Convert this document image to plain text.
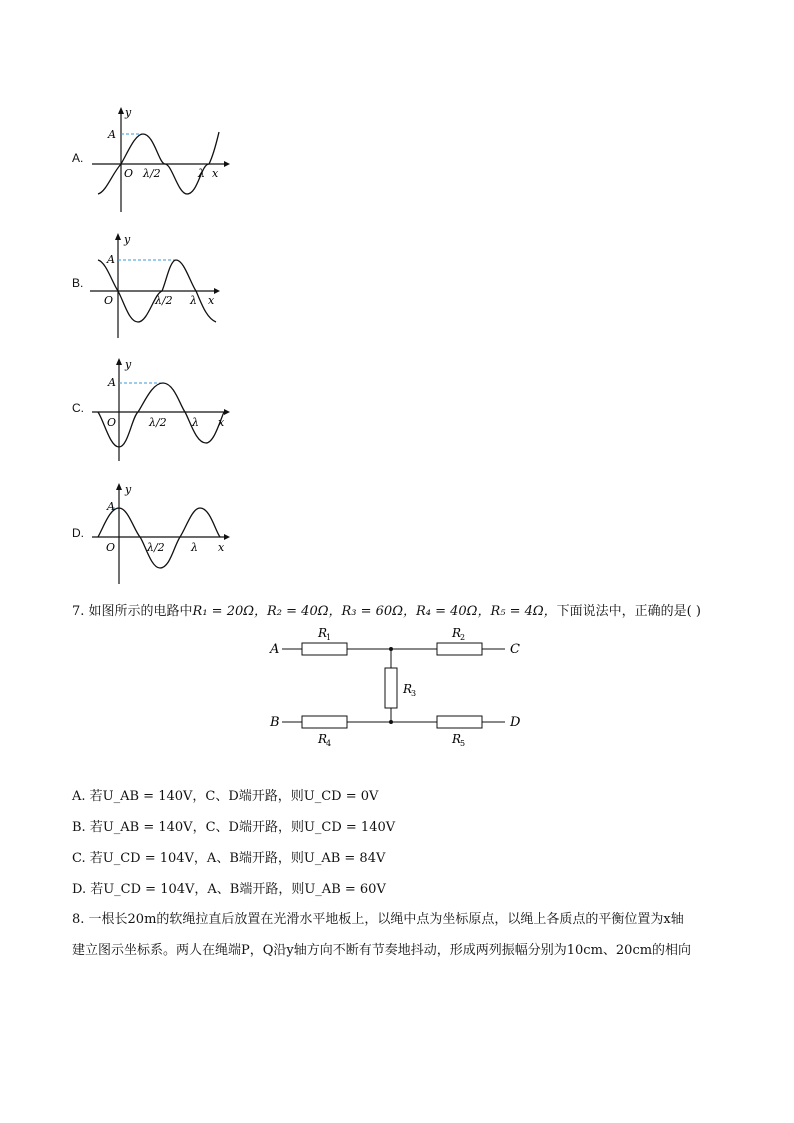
A.
y
A
O λ/2	λ x
B.
y
A
O	λ/2 λ x
C.
y
A
O	λ/2 λ x
D.
y
A
O	λ/2 λ x
7. 如图所示的电路中R₁ = 20Ω，R₂ = 40Ω，R₃ = 60Ω，R₄ = 40Ω，R₅ = 4Ω，下面说法中，正确的是( )
A
B
C
D
R
1	R
2
R
3
R
4	R
5
A. 若U_AB = 140V，C、D端开路，则U_CD = 0V
B. 若U_AB = 140V，C、D端开路，则U_CD = 140V
C. 若U_CD = 104V，A、B端开路，则U_AB = 84V
D. 若U_CD = 104V，A、B端开路，则U_AB = 60V
8. 一根长20m的软绳拉直后放置在光滑水平地板上，以绳中点为坐标原点，以绳上各质点的平衡位置为x轴
建立图示坐标系。两人在绳端P，Q沿y轴方向不断有节奏地抖动，形成两列振幅分别为10cm、20cm的相向
